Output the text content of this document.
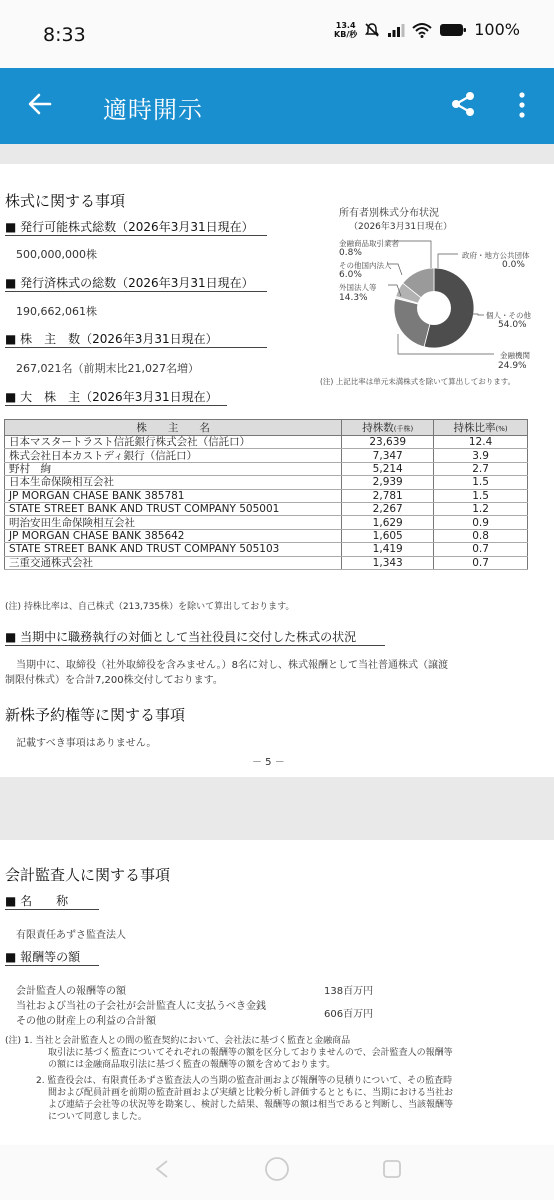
8:33	13.4
KB/秒	100%
適時開示
株式に関する事項
■ 発行可能株式総数（2026年3月31日現在）
500,000,000株
■ 発行済株式の総数（2026年3月31日現在）
190,662,061株
■ 株　主　数（2026年3月31日現在）
267,021名（前期末比21,027名増）
■ 大　株　主（2026年3月31日現在）
所有者別株式分布状況
（2026年3月31日現在）
金融商品取引業者
0.8%
その他国内法人
6.0%
外国法人等
14.3%
政府・地方公共団体
0.0%
個人・その他
54.0%
金融機関
24.9%
(注) 上記比率は単元未満株式を除いて算出しております。
株　　主　　名	持株数(千株)	持株比率(%)
日本マスタートラスト信託銀行株式会社（信託口）	23,639	12.4
株式会社日本カストディ銀行（信託口）	7,347	3.9
野村　絢	5,214	2.7
日本生命保険相互会社	2,939	1.5
JP MORGAN CHASE BANK 385781	2,781	1.5
STATE STREET BANK AND TRUST COMPANY 505001	2,267	1.2
明治安田生命保険相互会社	1,629	0.9
JP MORGAN CHASE BANK 385642	1,605	0.8
STATE STREET BANK AND TRUST COMPANY 505103	1,419	0.7
三重交通株式会社	1,343	0.7
(注) 持株比率は、自己株式（213,735株）を除いて算出しております。
■ 当期中に職務執行の対価として当社役員に交付した株式の状況
当期中に、取締役（社外取締役を含みません。）8名に対し、株式報酬として当社普通株式（譲渡
制限付株式）を合計7,200株交付しております。
新株予約権等に関する事項
記載すべき事項はありません。
－ 5 －
会計監査人に関する事項
■ 名　　称
有限責任あずさ監査法人
■ 報酬等の額
会計監査人の報酬等の額	138百万円
当社および当社の子会社が会計監査人に支払うべき金銭
その他の財産上の利益の合計額
606百万円
(注) 1. 当社と会計監査人との間の監査契約において、会社法に基づく監査と金融商品
取引法に基づく監査についてそれぞれの報酬等の額を区分しておりませんので、会計監査人の報酬等
の額には金融商品取引法に基づく監査の報酬等の額を含めております。
2. 監査役会は、有限責任あずさ監査法人の当期の監査計画および報酬等の見積りについて、その監査時
間および配員計画を前期の監査計画および実績と比較分析し評価するとともに、当期における当社お
よび連結子会社等の状況等を勘案し、検討した結果、報酬等の額は相当であると判断し、当該報酬等
について同意しました。
